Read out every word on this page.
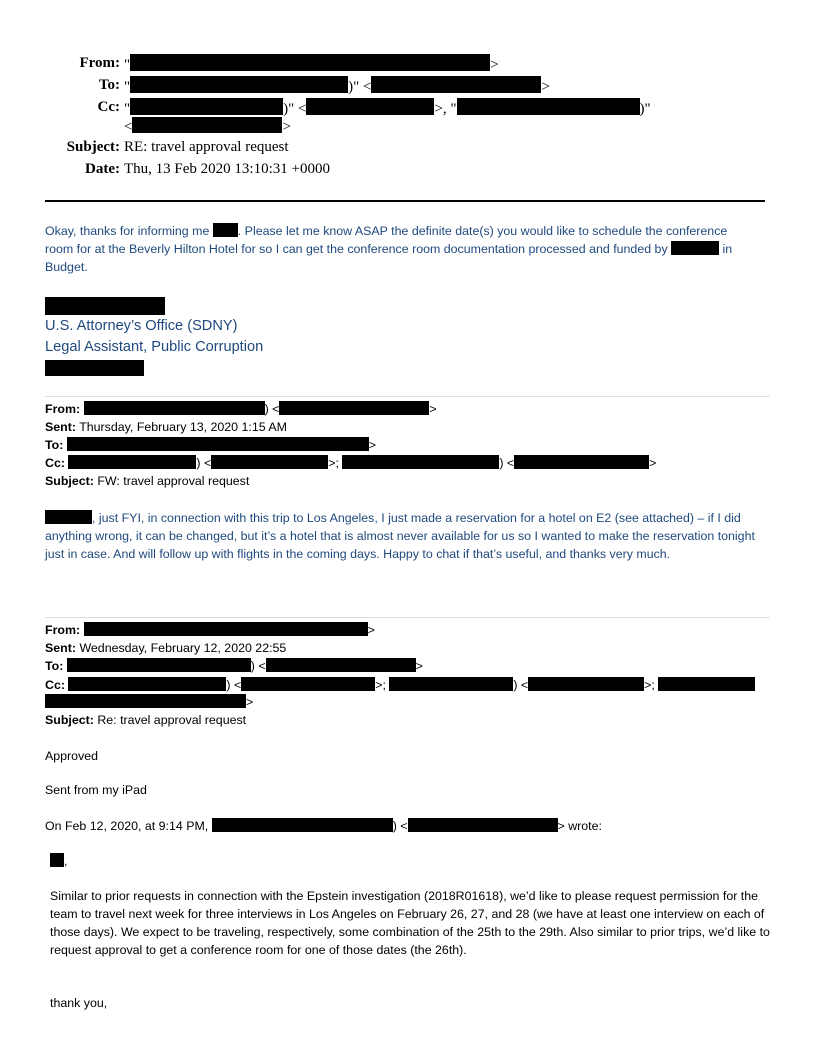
From: "	>
To: "	)" <	>
Cc: "	)" <	>, "	)"
<	>
Subject: RE: travel approval request
Date: Thu, 13 Feb 2020 13:10:31 +0000
Okay, thanks for informing me . Please let me know ASAP the definite date(s) you would like to schedule the conference room for at the Beverly Hilton Hotel for so I can get the conference room documentation processed and funded by	in Budget.
U.S. Attorney’s Office (SDNY)
Legal Assistant, Public Corruption
From:	) <	>
Sent: Thursday, February 13, 2020 1:15 AM
To:	>
Cc:	) <	>;	) <	>
Subject: FW: travel approval request
, just FYI, in connection with this trip to Los Angeles, I just made a reservation for a hotel on E2 (see attached) – if I did anything wrong, it can be changed, but it’s a hotel that is almost never available for us so I wanted to make the reservation tonight just in case. And will follow up with flights in the coming days. Happy to chat if that’s useful, and thanks very much.
From:	>
Sent: Wednesday, February 12, 2020 22:55
To:	) <	>
Cc:	) <	>;	) <	>;
>
Subject: Re: travel approval request
Approved
Sent from my iPad
On Feb 12, 2020, at 9:14 PM,	) <	> wrote:
,
Similar to prior requests in connection with the Epstein investigation (2018R01618), we’d like to please request permission for the team to travel next week for three interviews in Los Angeles on February 26, 27, and 28 (we have at least one interview on each of those days). We expect to be traveling, respectively, some combination of the 25th to the 29th. Also similar to prior trips, we’d like to request approval to get a conference room for one of those dates (the 26th).
thank you,
